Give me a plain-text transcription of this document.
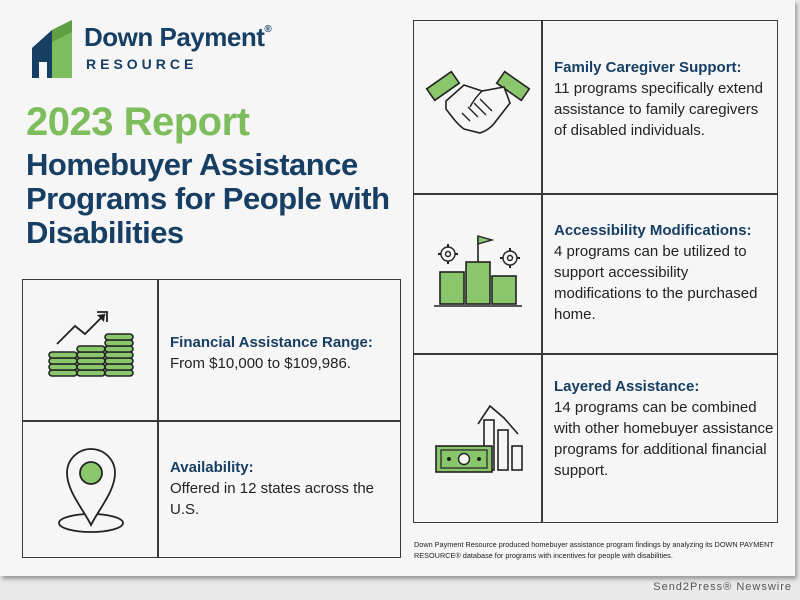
Down Payment®
RESOURCE
2023 Report
Homebuyer Assistance Programs for People with Disabilities
Financial Assistance Range:
From $10,000 to $109,986.
Availability:
Offered in 12 states across the U.S.
Family Caregiver Support:
11 programs specifically extend assistance to family caregivers of disabled individuals.
Accessibility Modifications:
4 programs can be utilized to support accessibility modifications to the purchased home.
Layered Assistance:
14 programs can be combined with other homebuyer assistance programs for additional financial support.
Down Payment Resource produced homebuyer assistance program findings by analyzing its DOWN PAYMENT RESOURCE® database for programs with incentives for people with disabilities.
Send2Press® Newswire
